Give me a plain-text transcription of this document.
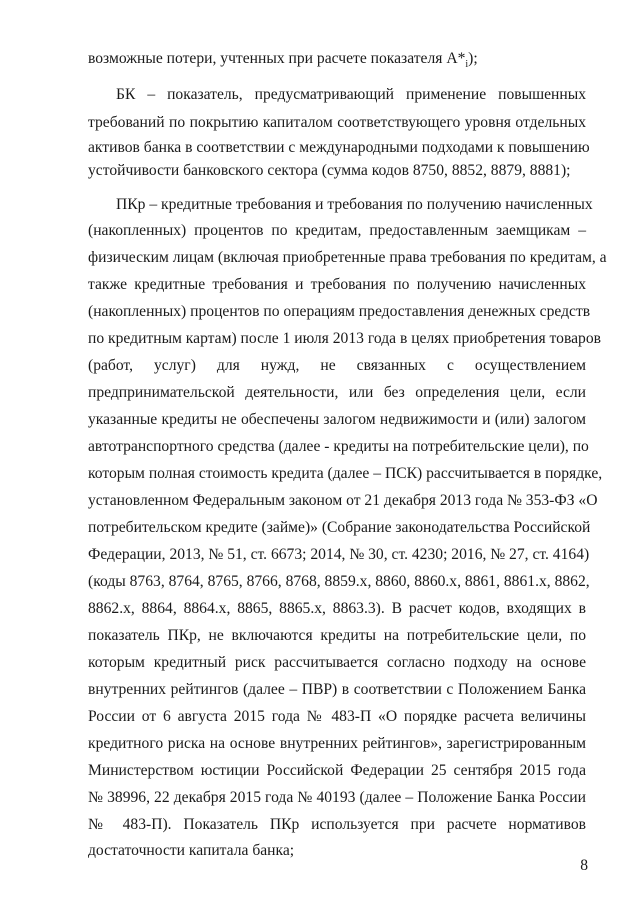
возможные потери, учтенных при расчете показателя $A*_i$);
БК – показатель, предусматривающий применение повышенных
требований по покрытию капиталом соответствующего уровня отдельных
активов банка в соответствии с международными подходами к повышению
устойчивости банковского сектора (сумма кодов 8750, 8852, 8879, 8881);
ПКр – кредитные требования и требования по получению начисленных
(накопленных) процентов по кредитам, предоставленным заемщикам –
физическим лицам (включая приобретенные права требования по кредитам, а
также кредитные требования и требования по получению начисленных
(накопленных) процентов по операциям предоставления денежных средств
по кредитным картам) после 1 июля 2013 года в целях приобретения товаров
(работ, услуг) для нужд, не связанных с осуществлением
предпринимательской деятельности, или без определения цели, если
указанные кредиты не обеспечены залогом недвижимости и (или) залогом
автотранспортного средства (далее - кредиты на потребительские цели), по
которым полная стоимость кредита (далее – ПСК) рассчитывается в порядке,
установленном Федеральным законом от 21 декабря 2013 года № 353-ФЗ «О
потребительском кредите (займе)» (Собрание законодательства Российской
Федерации, 2013, № 51, ст. 6673; 2014, № 30, ст. 4230; 2016, № 27, ст. 4164)
(коды 8763, 8764, 8765, 8766, 8768, 8859.х, 8860, 8860.х, 8861, 8861.х, 8862,
8862.х, 8864, 8864.х, 8865, 8865.х, 8863.3). В расчет кодов, входящих в
показатель ПКр, не включаются кредиты на потребительские цели, по
которым кредитный риск рассчитывается согласно подходу на основе
внутренних рейтингов (далее – ПВР) в соответствии с Положением Банка
России от 6 августа 2015 года № 483-П «О порядке расчета величины
кредитного риска на основе внутренних рейтингов», зарегистрированным
Министерством юстиции Российской Федерации 25 сентября 2015 года
№ 38996, 22 декабря 2015 года № 40193 (далее – Положение Банка России
№ 483-П). Показатель ПКр используется при расчете нормативов
достаточности капитала банка;
8
